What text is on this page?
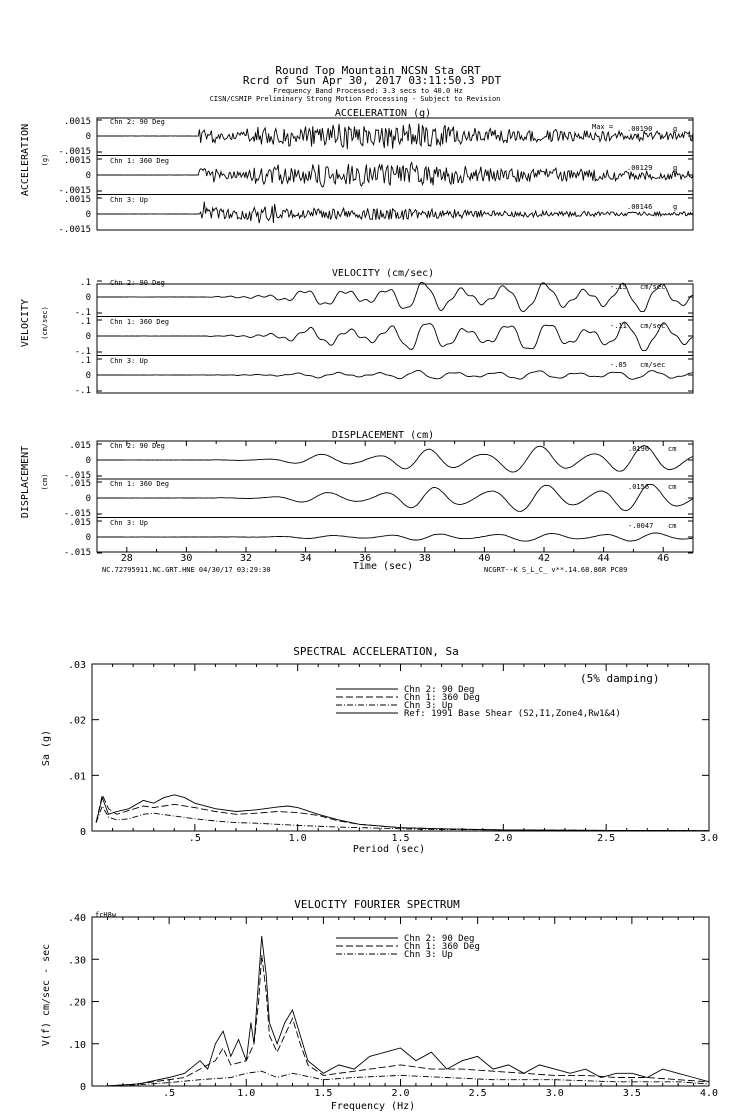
Round Top Mountain NCSN Sta GRT
Rcrd of Sun Apr 30, 2017 03:11:50.3 PDT
Frequency Band Processed: 3.3 secs to 40.0 Hz
CISN/CSMIP Preliminary Strong Motion Processing - Subject to Revision
ACCELERATION (g)
ACCELERATION (g)
Max =
.0015
0
-.0015
Chn 2: 90 Deg
.00190	g
.0015
0
-.0015
Chn 1: 360 Deg
.00129	g
.0015
0
-.0015
Chn 3: Up
.00146	g
VELOCITY (cm/sec)
VELOCITY (cm/sec)
.1
0
-.1
Chn 2: 90 Deg	-.15 cm/sec
.1
0
-.1
Chn 1: 360 Deg	-.11 cm/sec
.1
0
-.1
Chn 3: Up	-.05 cm/sec
DISPLACEMENT (cm)
DISPLACEMENT (cm)
.015
0
-.015
Chn 2: 90 Deg	.0196	cm
.015
0
-.015
Chn 1: 360 Deg	.0156	cm
.015
0
-.015
Chn 3: Up	-.0047 cm
28	30	32	34	36	38	40	42	44	46
Time (sec)
NC.72795911.NC.GRT.HNE 04/30/17 03:29:30	NCGRT--K S_L_C_ v**.14.68.86R PC89
SPECTRAL ACCELERATION, Sa
.5	1.0	1.5	2.0	2.5	3.0
0
.01
.02
.03
Chn 2: 90 Deg
Chn 1: 360 Deg
Chn 3: Up
Ref: 1991 Base Shear (S2,I1,Zone4,Rw1&4)
Period (sec)
Sa (g)
(5% damping)
VELOCITY FOURIER SPECTRUM
.5	1.0	1.5	2.0	2.5	3.0	3.5	4.0
0
.10
.20
.30
.40
Chn 2: 90 Deg
Chn 1: 360 Deg
Chn 3: Up
Frequency (Hz)
V(f) cm/sec - sec
fcH8w
